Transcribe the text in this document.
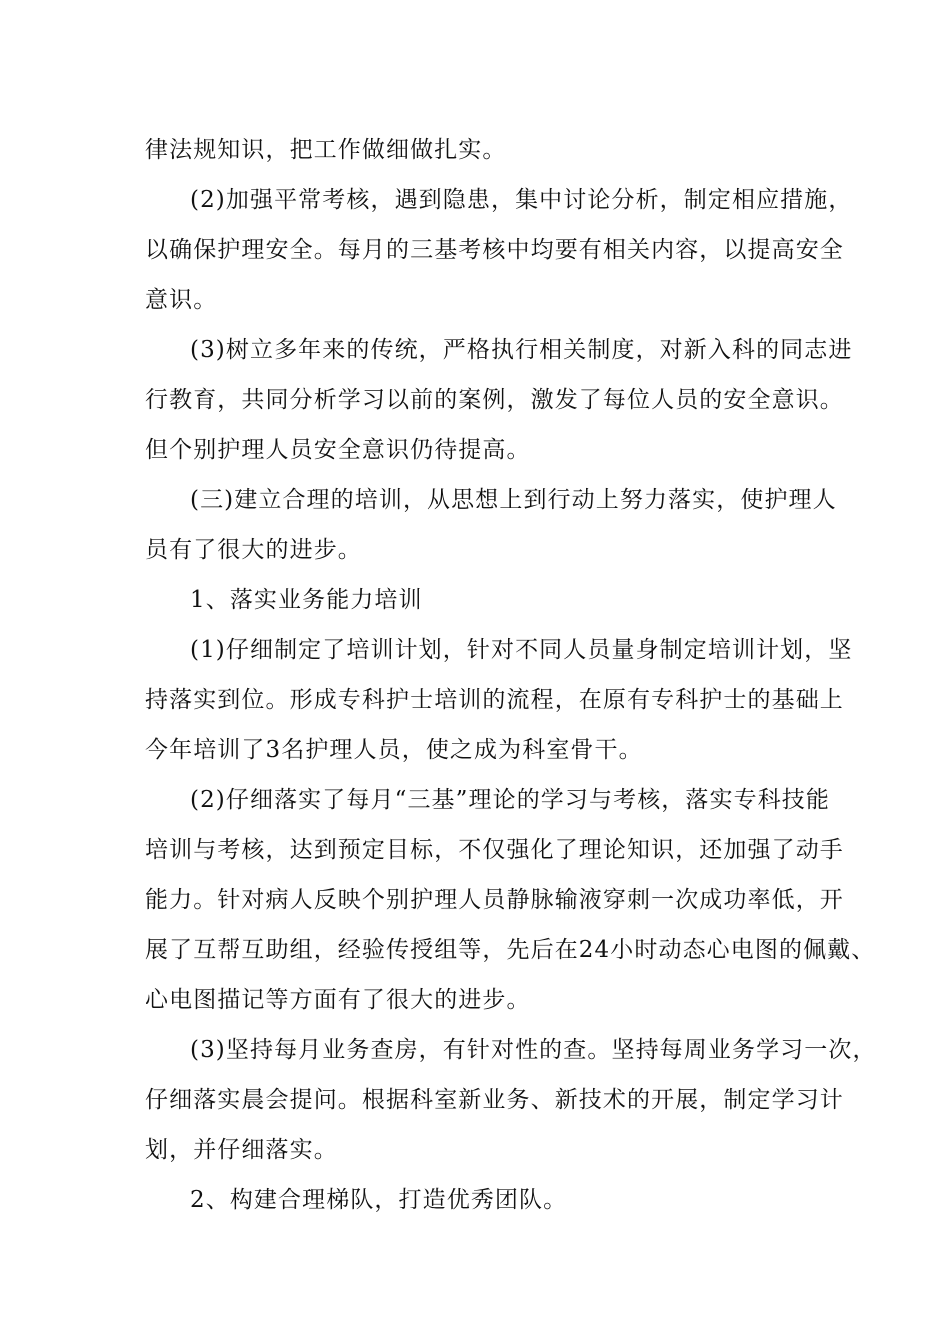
律法规知识，把工作做细做扎实。
(2)加强平常考核，遇到隐患，集中讨论分析，制定相应措施，
以确保护理安全。每月的三基考核中均要有相关内容，以提高安全
意识。
(3)树立多年来的传统，严格执行相关制度，对新入科的同志进
行教育，共同分析学习以前的案例，激发了每位人员的安全意识。
但个别护理人员安全意识仍待提高。
(三)建立合理的培训，从思想上到行动上努力落实，使护理人
员有了很大的进步。
1、落实业务能力培训
(1)仔细制定了培训计划，针对不同人员量身制定培训计划，坚
持落实到位。形成专科护士培训的流程，在原有专科护士的基础上
今年培训了3名护理人员，使之成为科室骨干。
(2)仔细落实了每月“三基”理论的学习与考核，落实专科技能
培训与考核，达到预定目标，不仅强化了理论知识，还加强了动手
能力。针对病人反映个别护理人员静脉输液穿刺一次成功率低，开
展了互帮互助组，经验传授组等，先后在24小时动态心电图的佩戴、
心电图描记等方面有了很大的进步。
(3)坚持每月业务查房，有针对性的查。坚持每周业务学习一次，
仔细落实晨会提问。根据科室新业务、新技术的开展，制定学习计
划，并仔细落实。
2、构建合理梯队，打造优秀团队。
